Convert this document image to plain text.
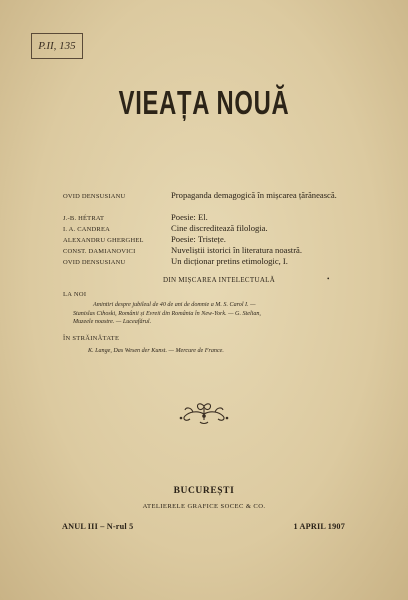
P.II, 135
VIEAȚA NOUĂ
OVID DENSUSIANU	Propaganda demagogică în mișcarea țărănească.
J.-B. HÉTRAT	Poesie: El.
I. A. CANDREA	Cine discreditează filologia.
ALEXANDRU GHERGHEL	Poesie: Tristețe.
CONST. DAMIANOVICI	Nuveliștii istorici în literatura noastră.
OVID DENSUSIANU	Un dicționar pretins etimologic, I.
DIN MIȘCAREA INTELECTUALĂ	•
LA NOI
Amintiri despre jubileul de 40 de ani de domnie a M. S. Carol I. —
Stanislas Cihoski, Românii și Evreii din România în New-York. — G. Stelian,
Muzeele noastre. — Luceafărul.
ÎN STRĂINĂTATE
K. Lange, Das Wesen der Kunst. — Mercure de France.
BUCUREȘTI
ATELIERELE GRAFICE SOCEC & CO.
ANUL III – N-rul 5	1 APRIL 1907
